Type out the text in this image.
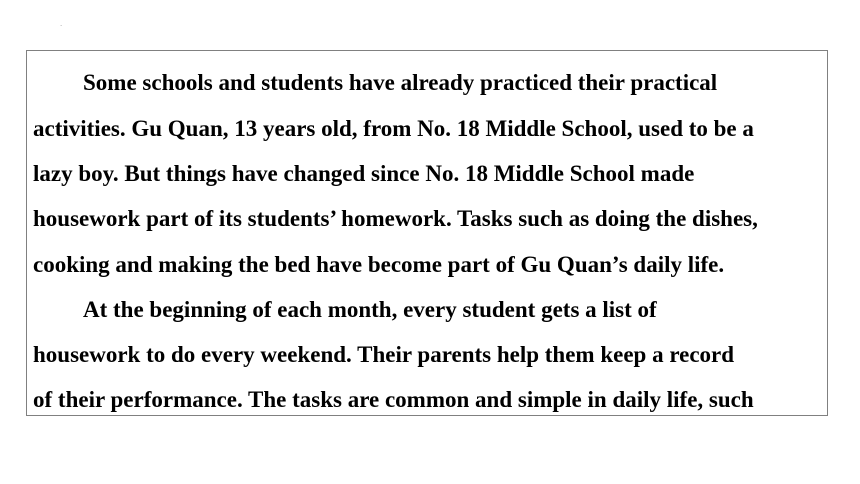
.
Some schools and students have already practiced their practical
activities. Gu Quan, 13 years old, from No. 18 Middle School, used to be a
lazy boy. But things have changed since No. 18 Middle School made
housework part of its students’ homework. Tasks such as doing the dishes,
cooking and making the bed have become part of Gu Quan’s daily life.
At the beginning of each month, every student gets a list of
housework to do every weekend. Their parents help them keep a record
of their performance. The tasks are common and simple in daily life, such
